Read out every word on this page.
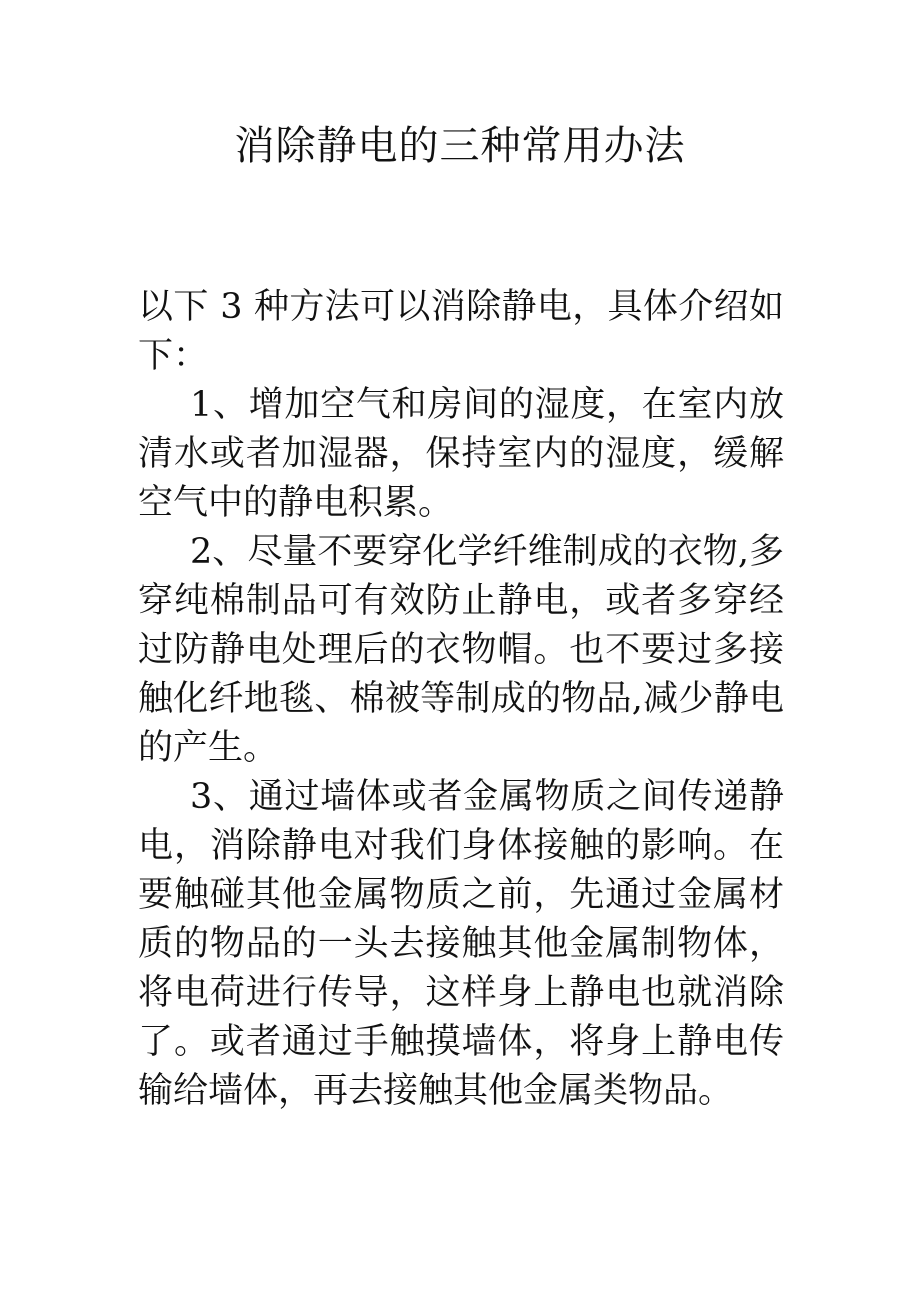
消除静电的三种常用办法

以下 3 种方法可以消除静电，具体介绍如下：

1、增加空气和房间的湿度，在室内放清水或者加湿器，保持室内的湿度，缓解空气中的静电积累。

2、尽量不要穿化学纤维制成的衣物,多穿纯棉制品可有效防止静电，或者多穿经过防静电处理后的衣物帽。也不要过多接触化纤地毯、棉被等制成的物品,减少静电的产生。

3、通过墙体或者金属物质之间传递静电，消除静电对我们身体接触的影响。在要触碰其他金属物质之前，先通过金属材质的物品的一头去接触其他金属制物体，将电荷进行传导，这样身上静电也就消除了。或者通过手触摸墙体，将身上静电传输给墙体，再去接触其他金属类物品。
